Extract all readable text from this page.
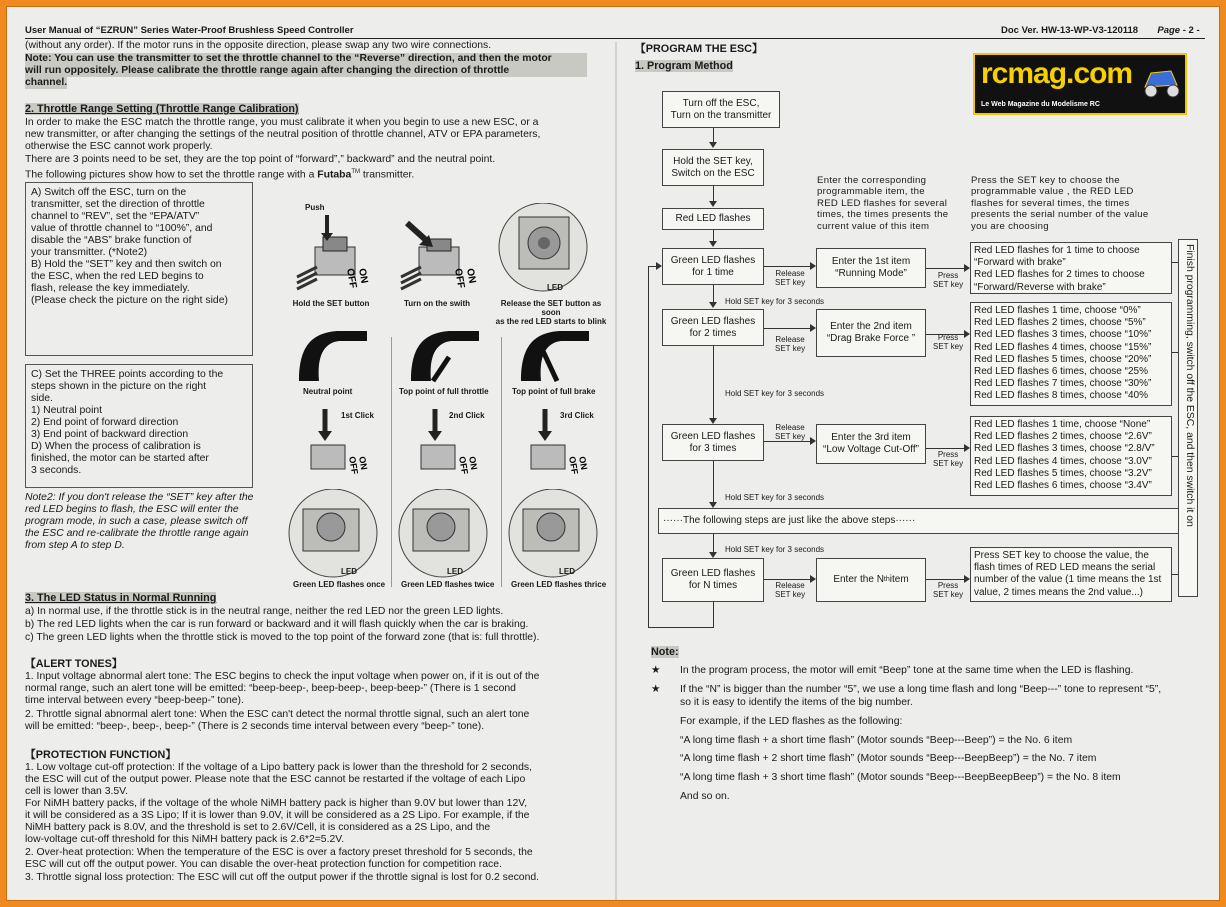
User Manual of “EZRUN” Series Water-Proof Brushless Speed Controller	Doc Ver. HW-13-WP-V3-120118 Page - 2 -
(without any order). If the motor runs in the opposite direction, please swap any two wire connections.
Note: You can use the transmitter to set the throttle channel to the “Reverse” direction, and then the motor
will run oppositely. Please calibrate the throttle range again after changing the direction of throttle
channel.
2. Throttle Range Setting (Throttle Range Calibration)
In order to make the ESC match the throttle range, you must calibrate it when you begin to use a new ESC, or a
new transmitter, or after changing the settings of the neutral position of throttle channel, ATV or EPA parameters,
otherwise the ESC cannot work properly.
There are 3 points need to be set, they are the top point of “forward”,” backward” and the neutral point.
The following pictures show how to set the throttle range with a Futaba™ transmitter.
A) Switch off the ESC, turn on the
transmitter, set the direction of throttle
channel to “REV”, set the “EPA/ATV”
value of throttle channel to “100%”, and
disable the “ABS” brake function of
your transmitter. (*Note2)
B) Hold the “SET” key and then switch on
the ESC, when the red LED begins to
flash, release the key immediately.
(Please check the picture on the right side)
C) Set the THREE points according to the
steps shown in the picture on the right
side.
1) Neutral point
2) End point of forward direction
3) End point of backward direction
D) When the process of calibration is
finished, the motor can be started after
3 seconds.
Note2: If you don't release the “SET” key after the
red LED begins to flash, the ESC will enter the
program mode, in such a case, please switch off
the ESC and re-calibrate the throttle range again
from step A to step D.
OFF
ON
Push
OFF
ON
LED
Hold the SET button	Turn on the swith	Release the SET button as soon
as the red LED starts to blink
Neutral point	Top point of full throttle	Top point of full brake
1st Click	2nd Click	3rd Click
OFF
ON	OFF
ON	OFF
ON
LED	LED	LED
Green LED flashes once Green LED flashes twice Green LED flashes thrice
3. The LED Status in Normal Running
a) In normal use, if the throttle stick is in the neutral range, neither the red LED nor the green LED lights.
b) The red LED lights when the car is run forward or backward and it will flash quickly when the car is braking.
c) The green LED lights when the throttle stick is moved to the top point of the forward zone (that is: full throttle).
【ALERT TONES】
1. Input voltage abnormal alert tone: The ESC begins to check the input voltage when power on, if it is out of the
normal range, such an alert tone will be emitted: “beep-beep-, beep-beep-, beep-beep-” (There is 1 second
time interval between every “beep-beep-” tone).
2. Throttle signal abnormal alert tone: When the ESC can't detect the normal throttle signal, such an alert tone
will be emitted: “beep-, beep-, beep-” (There is 2 seconds time interval between every “beep-” tone).
【PROTECTION FUNCTION】
1. Low voltage cut-off protection: If the voltage of a Lipo battery pack is lower than the threshold for 2 seconds,
the ESC will cut of the output power. Please note that the ESC cannot be restarted if the voltage of each Lipo
cell is lower than 3.5V.
For NiMH battery packs, if the voltage of the whole NiMH battery pack is higher than 9.0V but lower than 12V,
it will be considered as a 3S Lipo; If it is lower than 9.0V, it will be considered as a 2S Lipo. For example, if the
NiMH battery pack is 8.0V, and the threshold is set to 2.6V/Cell, it is considered as a 2S Lipo, and the
low-voltage cut-off threshold for this NiMH battery pack is 2.6*2=5.2V.
2. Over-heat protection: When the temperature of the ESC is over a factory preset threshold for 5 seconds, the
ESC will cut off the output power. You can disable the over-heat protection function for competition race.
3. Throttle signal loss protection: The ESC will cut off the output power if the throttle signal is lost for 0.2 second.
【PROGRAM THE ESC】
1. Program Method	rcmag.com
Le Web Magazine du Modelisme RC
Turn off the ESC,
Turn on the transmitter
Hold the SET key,
Switch on the ESC
Red LED flashes
Enter the corresponding
programmable item, the
RED LED flashes for several
times, the times presents the
current value of this item
Press the SET key to choose the
programmable value , the RED LED
flashes for several times, the times
presents the serial number of the value
you are choosing
Green LED flashes
for 1 time	Release
SET key
Enter the 1st item
“Running Mode”	Press
SET key
Red LED flashes for 1 time to choose
“Forward with brake”
Red LED flashes for 2 times to choose
“Forward/Reverse with brake”
Hold SET key for 3 seconds
Green LED flashes
for 2 times
Release
SET key
Enter the 2nd item
“Drag Brake Force ”	Press
SET key
Red LED flashes 1 time, choose “0%”
Red LED flashes 2 times, choose “5%”
Red LED flashes 3 times, choose “10%”
Red LED flashes 4 times, choose “15%”
Red LED flashes 5 times, choose “20%”
Red LED flashes 6 times, choose “25%
Red LED flashes 7 times, choose “30%”
Red LED flashes 8 times, choose “40%
Hold SET key for 3 seconds
Green LED flashes
for 3 times
Release
SET key	Enter the 3rd item
“Low Voltage Cut-Off”	Press
SET key
Red LED flashes 1 time, choose “None”
Red LED flashes 2 times, choose “2.6V”
Red LED flashes 3 times, choose “2.8/V”
Red LED flashes 4 times, choose “3.0V”
Red LED flashes 5 times, choose “3.2V”
Red LED flashes 6 times, choose “3.4V”
Hold SET key for 3 seconds
······The following steps are just like the above steps······
Hold SET key for 3 seconds
Green LED flashes
for N times	Release
SET key
Enter the N th item
Press
SET key
Press SET key to choose the value, the
flash times of RED LED means the serial
number of the value (1 time means the 1st
value, 2 times means the 2nd value...)
Finish programming, switch off the ESC, and then switch it on
Note:
★ In the program process, the motor will emit “Beep” tone at the same time when the LED is flashing.
★ If the “N” is bigger than the number “5”, we use a long time flash and long “Beep---” tone to represent “5”,
so it is easy to identify the items of the big number.
For example, if the LED flashes as the following:
“A long time flash + a short time flash” (Motor sounds “Beep---Beep”) = the No. 6 item
“A long time flash + 2 short time flash” (Motor sounds “Beep---BeepBeep”) = the No. 7 item
“A long time flash + 3 short time flash” (Motor sounds “Beep---BeepBeepBeep”) = the No. 8 item
And so on.
